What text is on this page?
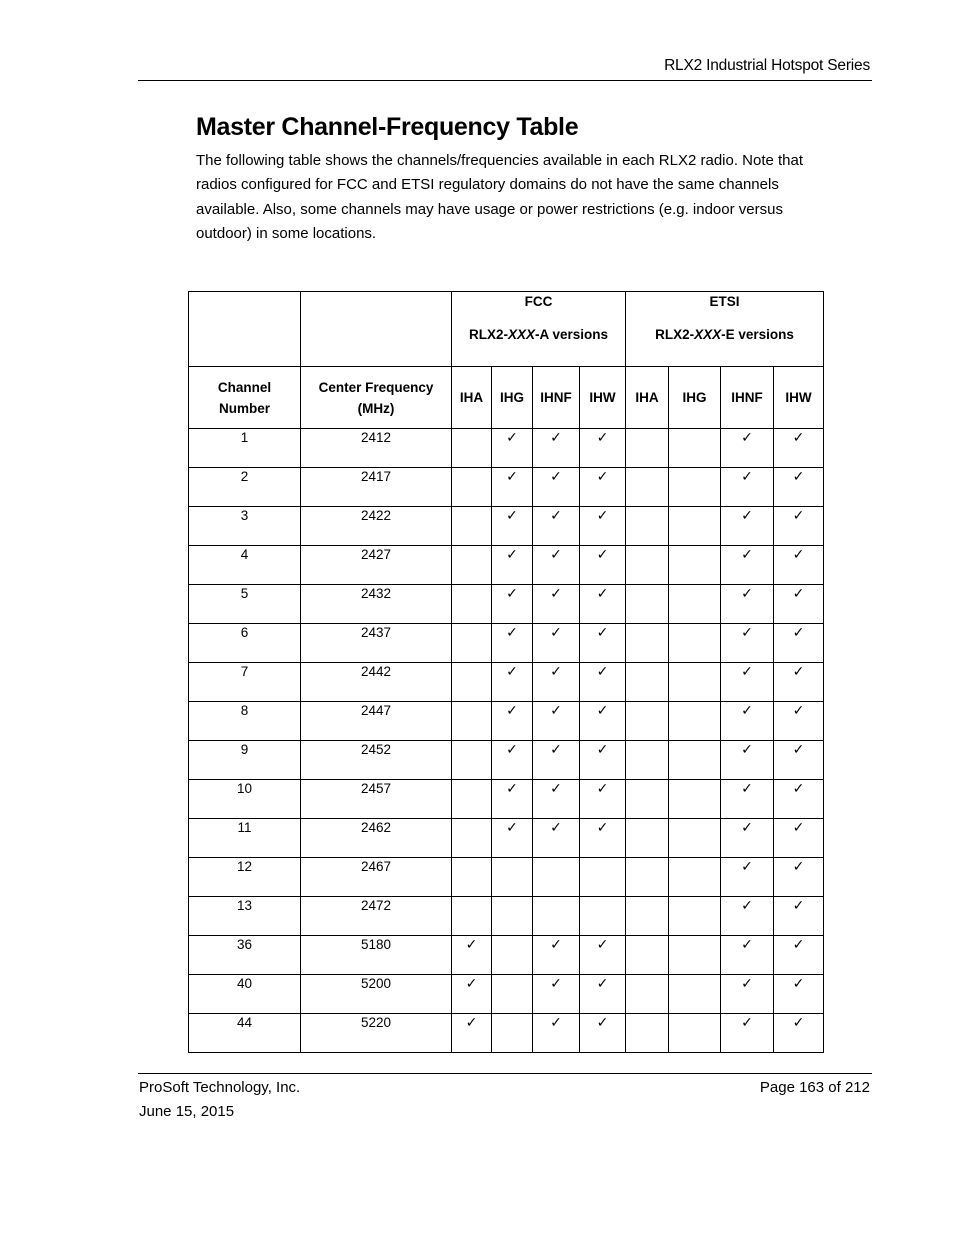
RLX2 Industrial Hotspot Series
Master Channel-Frequency Table

The following table shows the channels/frequencies available in each RLX2 radio. Note that radios configured for FCC and ETSI regulatory domains do not have the same channels available. Also, some channels may have usage or power restrictions (e.g. indoor versus outdoor) in some locations.

		FCC
RLX2-XXX-A versions				ETSI
RLX2-XXX-E versions			

Channel
Number	Center Frequency
(MHz)	IHA	IHG	IHNF	IHW	IHA	IHG	IHNF	IHW
1	2412		✓	✓	✓			✓	✓
2	2417		✓	✓	✓			✓	✓
3	2422		✓	✓	✓			✓	✓
4	2427		✓	✓	✓			✓	✓
5	2432		✓	✓	✓			✓	✓
6	2437		✓	✓	✓			✓	✓
7	2442		✓	✓	✓			✓	✓
8	2447		✓	✓	✓			✓	✓
9	2452		✓	✓	✓			✓	✓
10	2457		✓	✓	✓			✓	✓
11	2462		✓	✓	✓			✓	✓
12	2467							✓	✓
13	2472							✓	✓
36	5180	✓		✓	✓			✓	✓
40	5200	✓		✓	✓			✓	✓
44	5220	✓		✓	✓			✓	✓
ProSoft Technology, Inc.
June 15, 2015
Page 163 of 212
